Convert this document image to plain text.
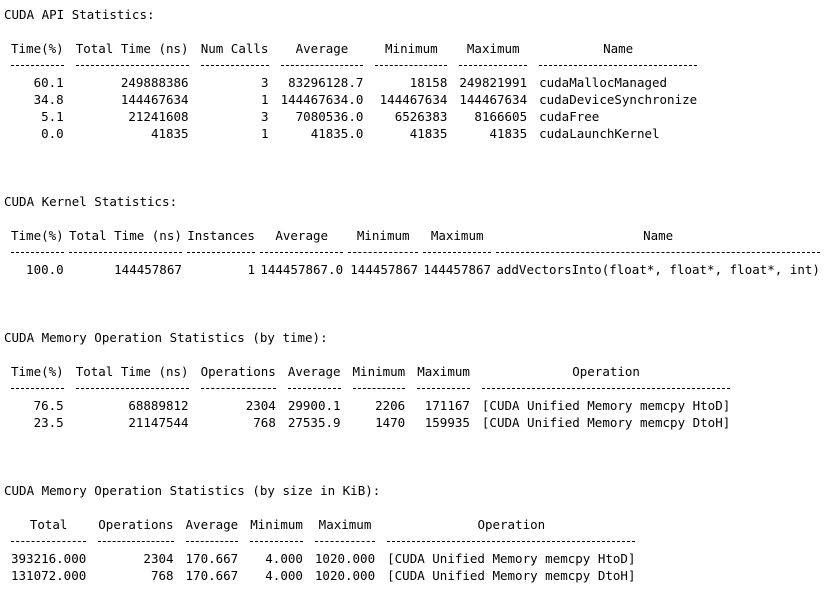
CUDA API Statistics:
Time(%)		Total Time (ns)		Num Calls		Average		Minimum		Maximum		Name

60.1		249888386		3		83296128.7		18158		249821991		cudaMallocManaged
34.8		144467634		1		144467634.0		144467634		144467634		cudaDeviceSynchronize
5.1		21241608		3		7080536.0		6526383		8166605		cudaFree
0.0		41835		1		41835.0		41835		41835		cudaLaunchKernel
CUDA Kernel Statistics:
Time(%)		Total Time (ns)		Instances		Average		Minimum		Maximum		Name

100.0		144457867		1		144457867.0		144457867		144457867		addVectorsInto(float*, float*, float*, int)
CUDA Memory Operation Statistics (by time):
Time(%)		Total Time (ns)		Operations		Average		Minimum		Maximum		Operation

76.5		68889812		2304		29900.1		2206		171167		[CUDA Unified Memory memcpy HtoD]
23.5		21147544		768		27535.9		1470		159935		[CUDA Unified Memory memcpy DtoH]
CUDA Memory Operation Statistics (by size in KiB):
Total		Operations		Average		Minimum		Maximum		Operation

393216.000		2304		170.667		4.000		1020.000		[CUDA Unified Memory memcpy HtoD]
131072.000		768		170.667		4.000		1020.000		[CUDA Unified Memory memcpy DtoH]
